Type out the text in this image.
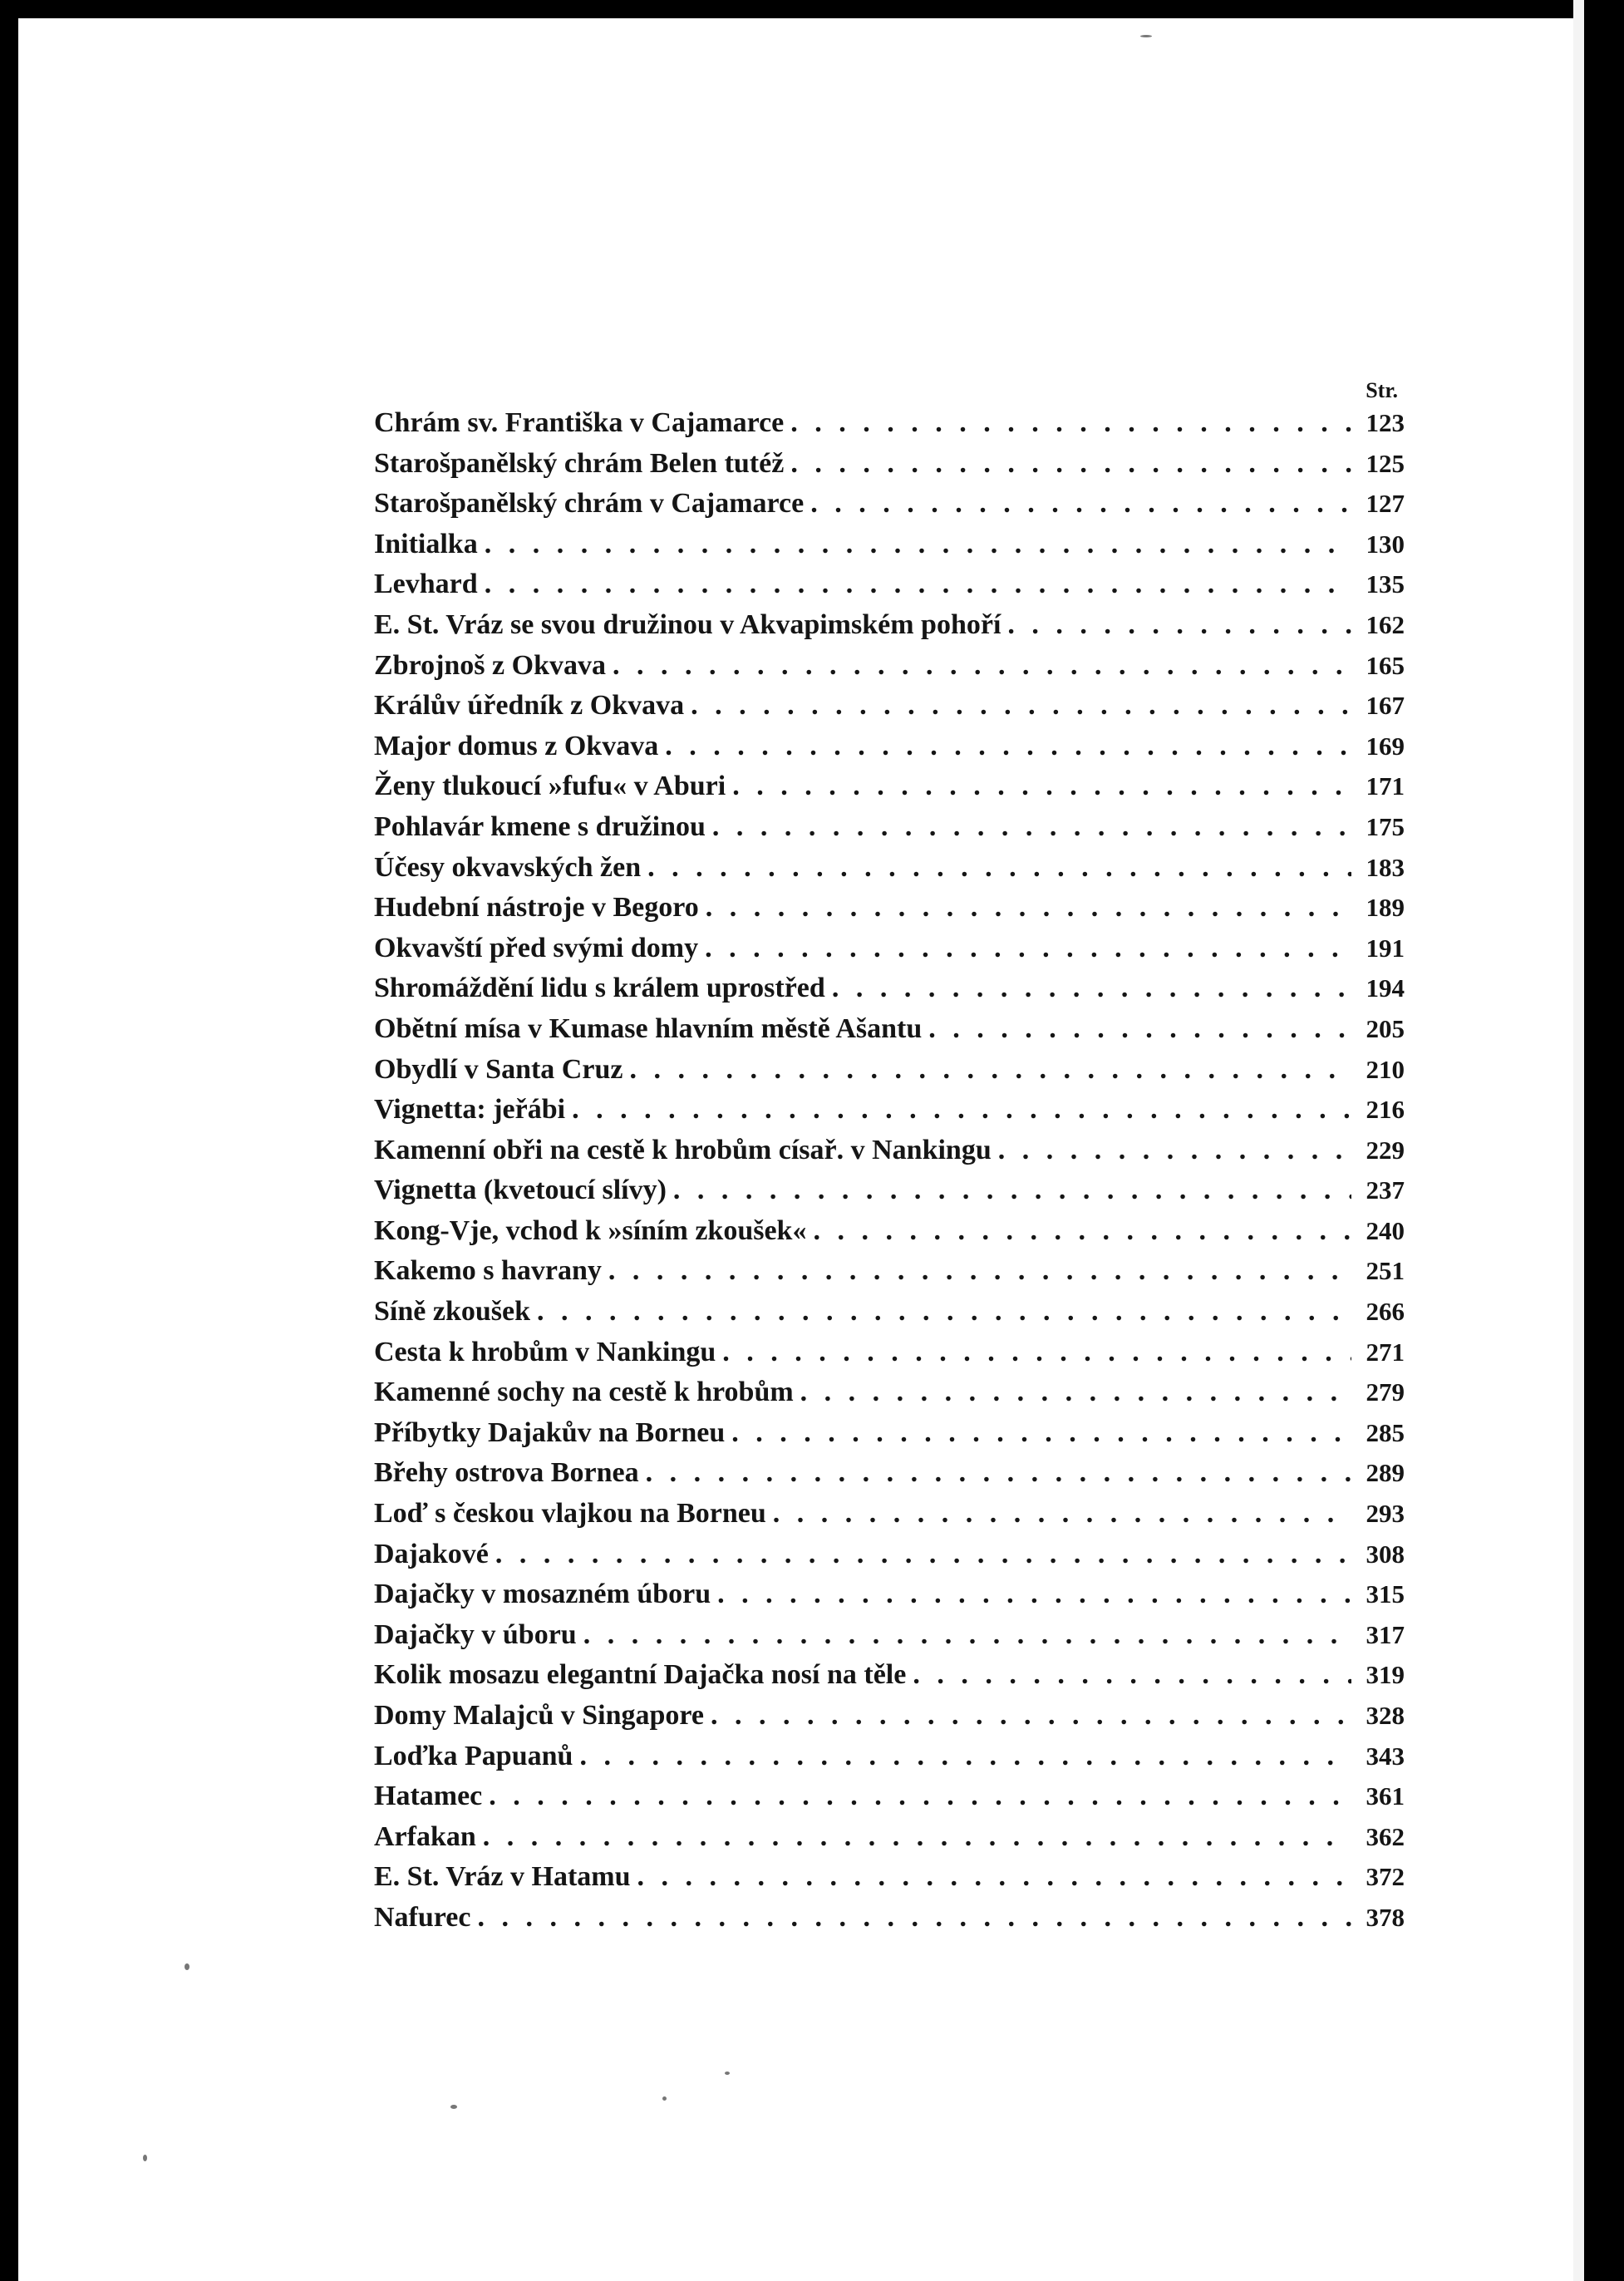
Str.
Chrám sv. Františka v Cajamarce . . .	123
Starošpanělský chrám Belen tutéž . . .	125
Starošpanělský chrám v Cajamarce . . .	127
Initialka . . .	130
Levhard . . .	135
E. St. Vráz se svou družinou v Akvapimském pohoří . . .	162
Zbrojnoš z Okvava . . .	165
Králův úředník z Okvava . . .	167
Major domus z Okvava . . .	169
Ženy tlukoucí »fufu« v Aburi . . .	171
Pohlavár kmene s družinou . . .	175
Účesy okvavských žen . . .	183
Hudební nástroje v Begoro . . .	189
Okvavští před svými domy . . .	191
Shromáždění lidu s králem uprostřed . . .	194
Obětní mísa v Kumase hlavním městě Ašantu . . .	205
Obydlí v Santa Cruz . . .	210
Vignetta: jeřábi . . .	216
Kamenní obři na cestě k hrobům císař. v Nankingu . . .	229
Vignetta (kvetoucí slívy) . . .	237
Kong-Vje, vchod k »síním zkoušek« . . .	240
Kakemo s havrany . . .	251
Síně zkoušek . . .	266
Cesta k hrobům v Nankingu . . .	271
Kamenné sochy na cestě k hrobům . . .	279
Příbytky Dajakův na Borneu . . .	285
Břehy ostrova Bornea . . .	289
Loď s českou vlajkou na Borneu . . .	293
Dajakové . . .	308
Dajačky v mosazném úboru . . .	315
Dajačky v úboru . . .	317
Kolik mosazu elegantní Dajačka nosí na těle . . .	319
Domy Malajců v Singapore . . .	328
Loďka Papuanů . . .	343
Hatamec . . .	361
Arfakan . . .	362
E. St. Vráz v Hatamu . . .	372
Nafurec . . .	378
